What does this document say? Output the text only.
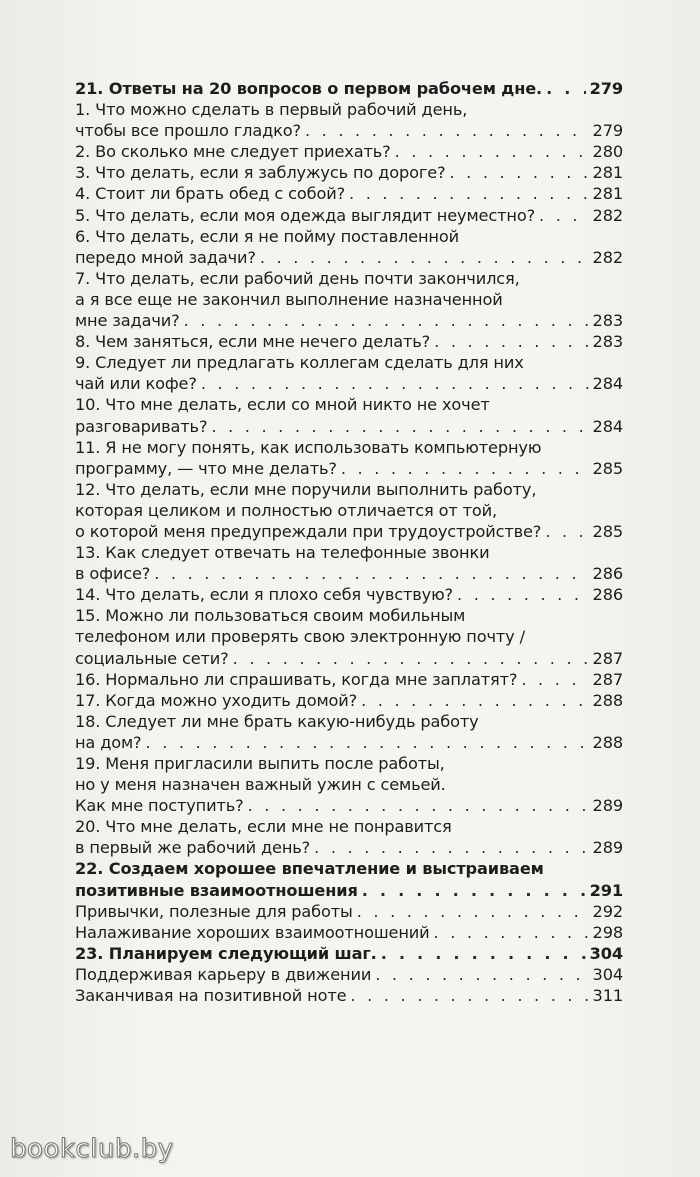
21. Ответы на 20 вопросов о первом рабочем дне. . . .	279
1. Что можно сделать в первый рабочий день,
чтобы все прошло гладко? . . .	279
2. Во сколько мне следует приехать? . . .	280
3. Что делать, если я заблужусь по дороге? . . .	281
4. Стоит ли брать обед с собой? . . .	281
5. Что делать, если моя одежда выглядит неуместно? . . .	282
6. Что делать, если я не пойму поставленной
передо мной задачи? . . .	282
7. Что делать, если рабочий день почти закончился,
а я все еще не закончил выполнение назначенной
мне задачи? . . .	283
8. Чем заняться, если мне нечего делать? . . .	283
9. Следует ли предлагать коллегам сделать для них
чай или кофе? . . .	284
10. Что мне делать, если со мной никто не хочет
разговаривать? . . .	284
11. Я не могу понять, как использовать компьютерную
программу, — что мне делать? . . .	285
12. Что делать, если мне поручили выполнить работу,
которая целиком и полностью отличается от той,
о которой меня предупреждали при трудоустройстве? . . .	285
13. Как следует отвечать на телефонные звонки
в офисе? . . .	286
14. Что делать, если я плохо себя чувствую? . . .	286
15. Можно ли пользоваться своим мобильным
телефоном или проверять свою электронную почту /
социальные сети? . . .	287
16. Нормально ли спрашивать, когда мне заплатят? . . .	287
17. Когда можно уходить домой? . . .	288
18. Следует ли мне брать какую-нибудь работу
на дом? . . .	288
19. Меня пригласили выпить после работы,
но у меня назначен важный ужин с семьей.
Как мне поступить? . . .	289
20. Что мне делать, если мне не понравится
в первый же рабочий день? . . .	289
22. Создаем хорошее впечатление и выстраиваем
позитивные взаимоотношения . . .	291
Привычки, полезные для работы . . .	292
Налаживание хороших взаимоотношений . . .	298
23. Планируем следующий шаг. . . .	304
Поддерживая карьеру в движении . . .	304
Заканчивая на позитивной ноте . . .	311
bookclub.by
